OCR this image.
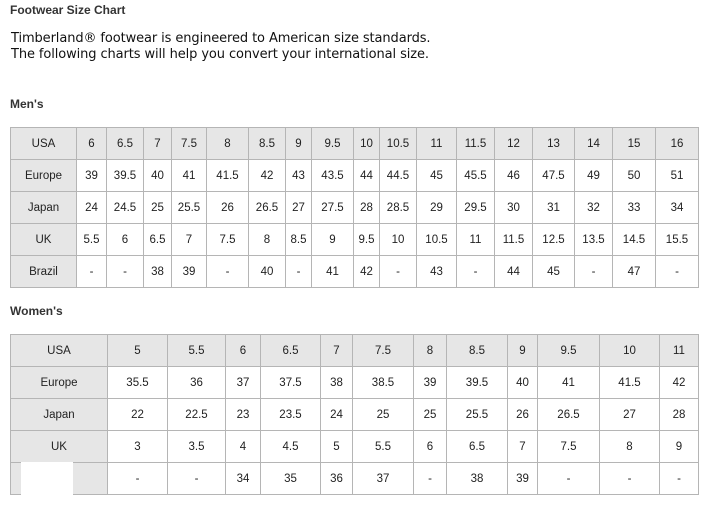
Footwear Size Chart
Timberland® footwear is engineered to American size standards.
The following charts will help you convert your international size.
Men's
USA	6	6.5	7	7.5	8	8.5	9	9.5	10	10.5	11	11.5	12	13	14	15	16
Europe	39	39.5	40	41	41.5	42	43	43.5	44	44.5	45	45.5	46	47.5	49	50	51
Japan	24	24.5	25	25.5	26	26.5	27	27.5	28	28.5	29	29.5	30	31	32	33	34
UK	5.5	6	6.5	7	7.5	8	8.5	9	9.5	10	10.5	11	11.5	12.5	13.5	14.5	15.5
Brazil	-	-	38	39	-	40	-	41	42	-	43	-	44	45	-	47	-
Women's
USA	5	5.5	6	6.5	7	7.5	8	8.5	9	9.5	10	11
Europe	35.5	36	37	37.5	38	38.5	39	39.5	40	41	41.5	42
Japan	22	22.5	23	23.5	24	25	25	25.5	26	26.5	27	28
UK	3	3.5	4	4.5	5	5.5	6	6.5	7	7.5	8	9
	-	-	34	35	36	37	-	38	39	-	-	-
